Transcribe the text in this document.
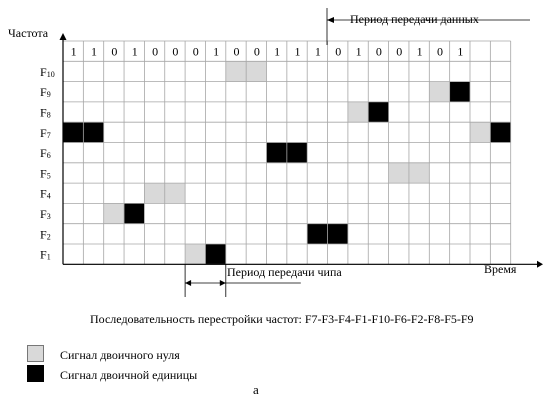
1 1 0 1 0 0 0 1 0 0 1 1 1 0 1 0 0 1 0 1
F10
F9
F8
F7
F6
F5
F4
F3
F2
F1
Частота
Время
Период передачи данных
Период передачи чипа
Последовательность перестройки частот: F7-F3-F4-F1-F10-F6-F2-F8-F5-F9
Сигнал двоичного нуля
Сигнал двоичной единицы
а
